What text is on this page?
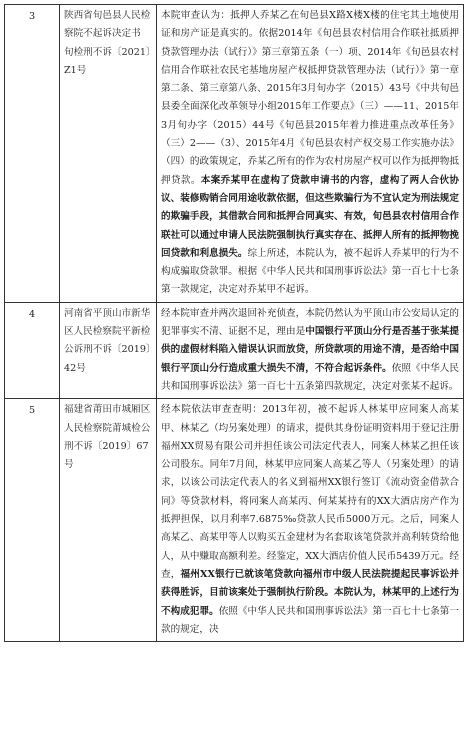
3	陕西省旬邑县人民检察院不起诉决定书 旬检刑不诉〔2021〕Z1号	本院审查认为：抵押人乔某乙在旬邑县X路X楼X楼的住宅其土地使用证和房产证是真实的。依据2014年《旬邑县农村信用合作联社抵质押贷款管理办法（试行）》第三章第五条（一）项、2014年《旬邑县农村信用合作联社农民宅基地房屋产权抵押贷款管理办法（试行）》第一章第二条、第三章第八条、2015年3月旬办字（2015）43号《中共旬邑县委全面深化改革领导小组2015年工作要点》（三）——11、2015年3月旬办字（2015）44号《旬邑县2015年着力推进重点改革任务》（三）2——（3）、2015年4月《旬邑县农村产权交易工作实施办法》（四）的政策规定，乔某乙所有的作为农村房屋产权可以作为抵押物抵押贷款。本案乔某甲在虚构了贷款申请书的内容，虚构了两人合伙协议、装修购销合同用途收款依据，但这些欺骗行为不宜认定为刑法规定的欺骗手段，其借款合同和抵押合同真实、有效，旬邑县农村信用合作联社可以通过申请人民法院强制执行真实存在、抵押人所有的抵押物挽回贷款和利息损失。综上所述，本院认为，被不起诉人乔某甲的行为不构成骗取贷款罪。根据《中华人民共和国刑事诉讼法》第一百七十七条第一款规定，决定对乔某甲不起诉。
4	河南省平顶山市新华区人民检察院平新检公诉刑不诉〔2019〕42号	经本院审查并两次退回补充侦查，本院仍然认为平顶山市公安局认定的犯罪事实不清、证据不足，理由是中国银行平顶山分行是否基于张某提供的虚假材料陷入错误认识而放贷，所贷款项的用途不清，是否给中国银行平顶山分行造成重大损失不清，不符合起诉条件。依照《中华人民共和国刑事诉讼法》第一百七十五条第四款规定，决定对张某不起诉。
5	福建省莆田市城厢区人民检察院莆城检公刑不诉〔2019〕67号	经本院依法审查查明：2013年初，被不起诉人林某甲应同案人高某甲、林某乙（均另案处理）的请求，提供其身份证明资料用于登记注册福州XX贸易有限公司并担任该公司法定代表人，同案人林某乙担任该公司股东。同年7月间，林某甲应同案人高某乙等人（另案处理）的请求，以该公司法定代表人的名义到福州XX银行签订《流动资金借款合同》等贷款材料，将同案人高某丙、何某某持有的XX大酒店房产作为抵押担保，以月利率7.6875‰贷款人民币5000万元。之后，同案人高某乙、高某甲等人以购买五金建材为名套取该笔贷款并高利转贷给他人，从中赚取高额利差。经鉴定，XX大酒店价值人民币5439万元。经查，福州XX银行已就该笔贷款向福州市中级人民法院提起民事诉讼并获得胜诉，目前该案处于强制执行阶段。本院认为，林某甲的上述行为不构成犯罪。依照《中华人民共和国刑事诉讼法》第一百七十七条第一款的规定，决
